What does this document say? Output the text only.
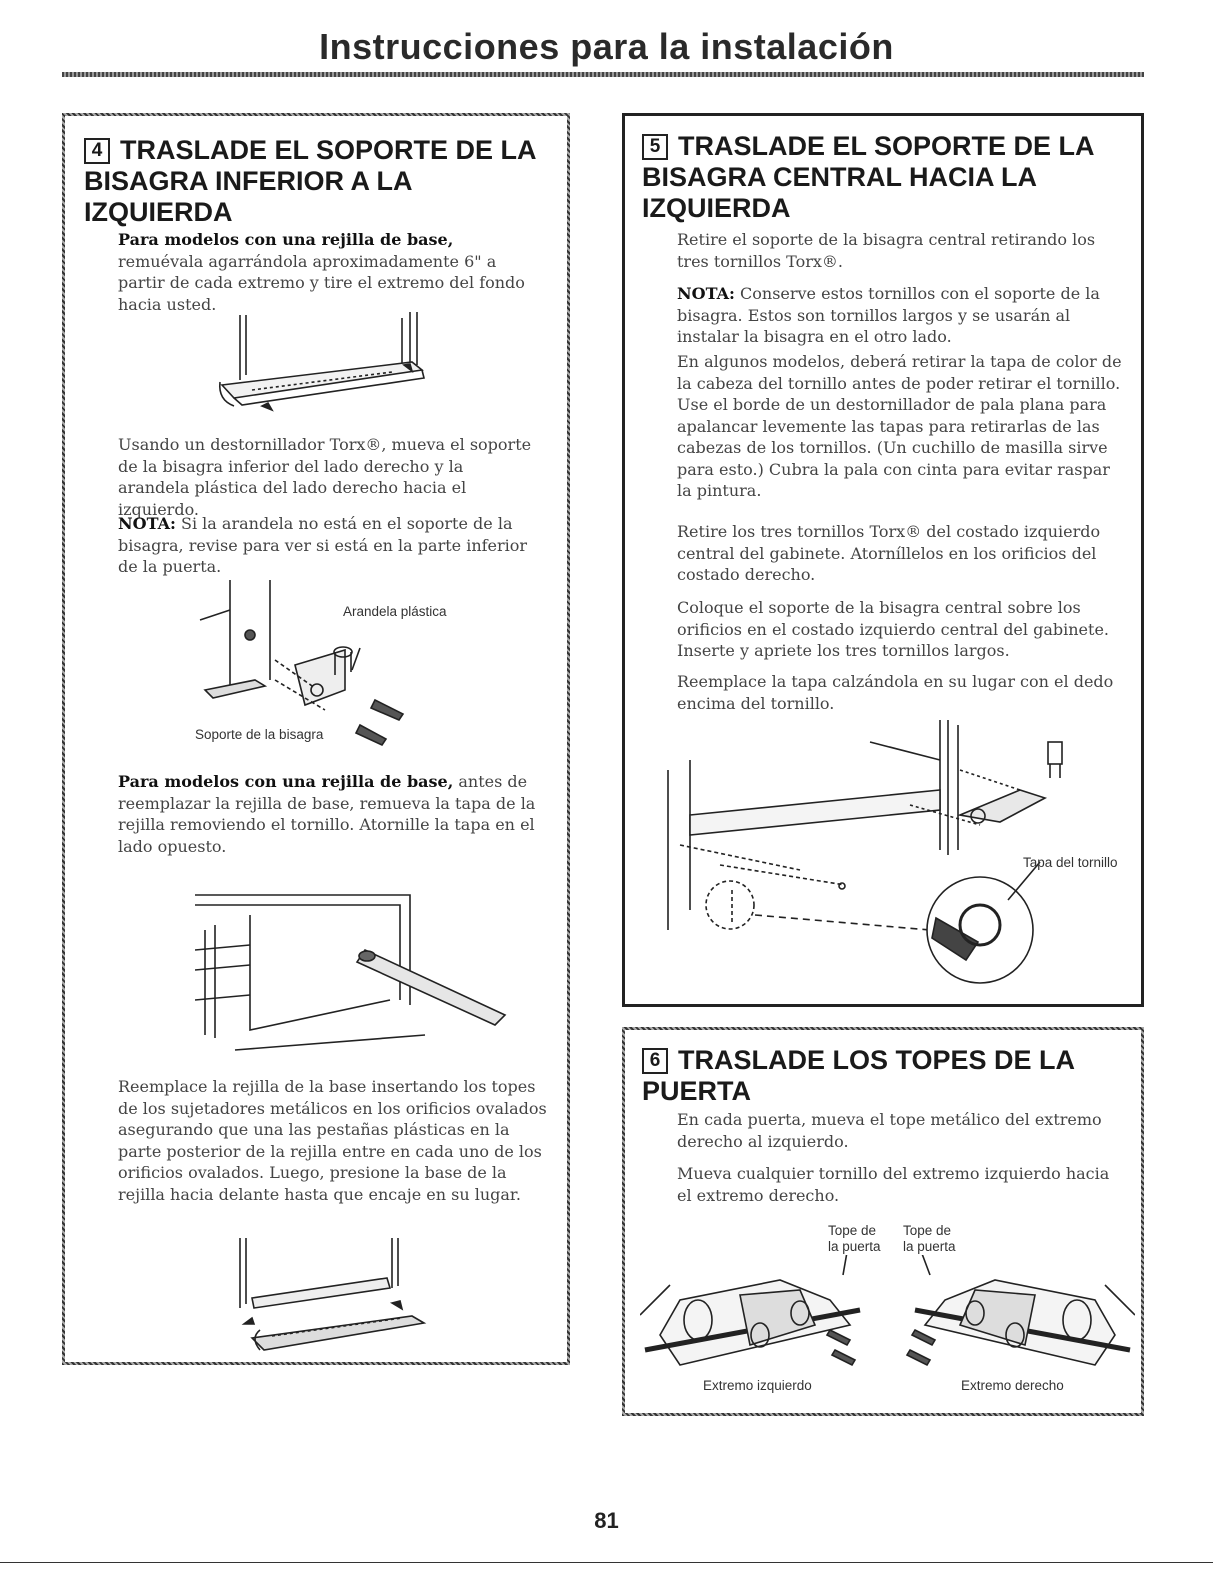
Instrucciones para la instalación
4 TRASLADE EL SOPORTE DE LA BISAGRA INFERIOR A LA IZQUIERDA

Para modelos con una rejilla de base, remuévala agarrándola aproximadamente 6" a partir de cada extremo y tire el extremo del fondo hacia usted.

Usando un destornillador Torx®, mueva el soporte de la bisagra inferior del lado derecho y la arandela plástica del lado derecho hacia el izquierdo.

NOTA: Si la arandela no está en el soporte de la bisagra, revise para ver si está en la parte inferior de la puerta.

Arandela plástica
Soporte de la bisagra

Para modelos con una rejilla de base, antes de reemplazar la rejilla de base, remueva la tapa de la rejilla removiendo el tornillo. Atornille la tapa en el lado opuesto.

Reemplace la rejilla de la base insertando los topes de los sujetadores metálicos en los orificios ovalados asegurando que una las pestañas plásticas en la parte posterior de la rejilla entre en cada uno de los orificios ovalados. Luego, presione la base de la rejilla hacia delante hasta que encaje en su lugar.

5 TRASLADE EL SOPORTE DE LA BISAGRA CENTRAL HACIA LA IZQUIERDA

Retire el soporte de la bisagra central retirando los tres tornillos Torx®.

NOTA: Conserve estos tornillos con el soporte de la bisagra. Estos son tornillos largos y se usarán al instalar la bisagra en el otro lado.

En algunos modelos, deberá retirar la tapa de color de la cabeza del tornillo antes de poder retirar el tornillo. Use el borde de un destornillador de pala plana para apalancar levemente las tapas para retirarlas de las cabezas de los tornillos. (Un cuchillo de masilla sirve para esto.) Cubra la pala con cinta para evitar raspar la pintura.

Retire los tres tornillos Torx® del costado izquierdo central del gabinete. Atorníllelos en los orificios del costado derecho.

Coloque el soporte de la bisagra central sobre los orificios en el costado izquierdo central del gabinete. Inserte y apriete los tres tornillos largos.

Reemplace la tapa calzándola en su lugar con el dedo encima del tornillo.

Tapa del tornillo
6 TRASLADE LOS TOPES DE LA PUERTA

En cada puerta, mueva el tope metálico del extremo derecho al izquierdo.

Mueva cualquier tornillo del extremo izquierdo hacia el extremo derecho.

Tope de
la puerta
Tope de
la puerta
Extremo izquierdo	Extremo derecho
81
